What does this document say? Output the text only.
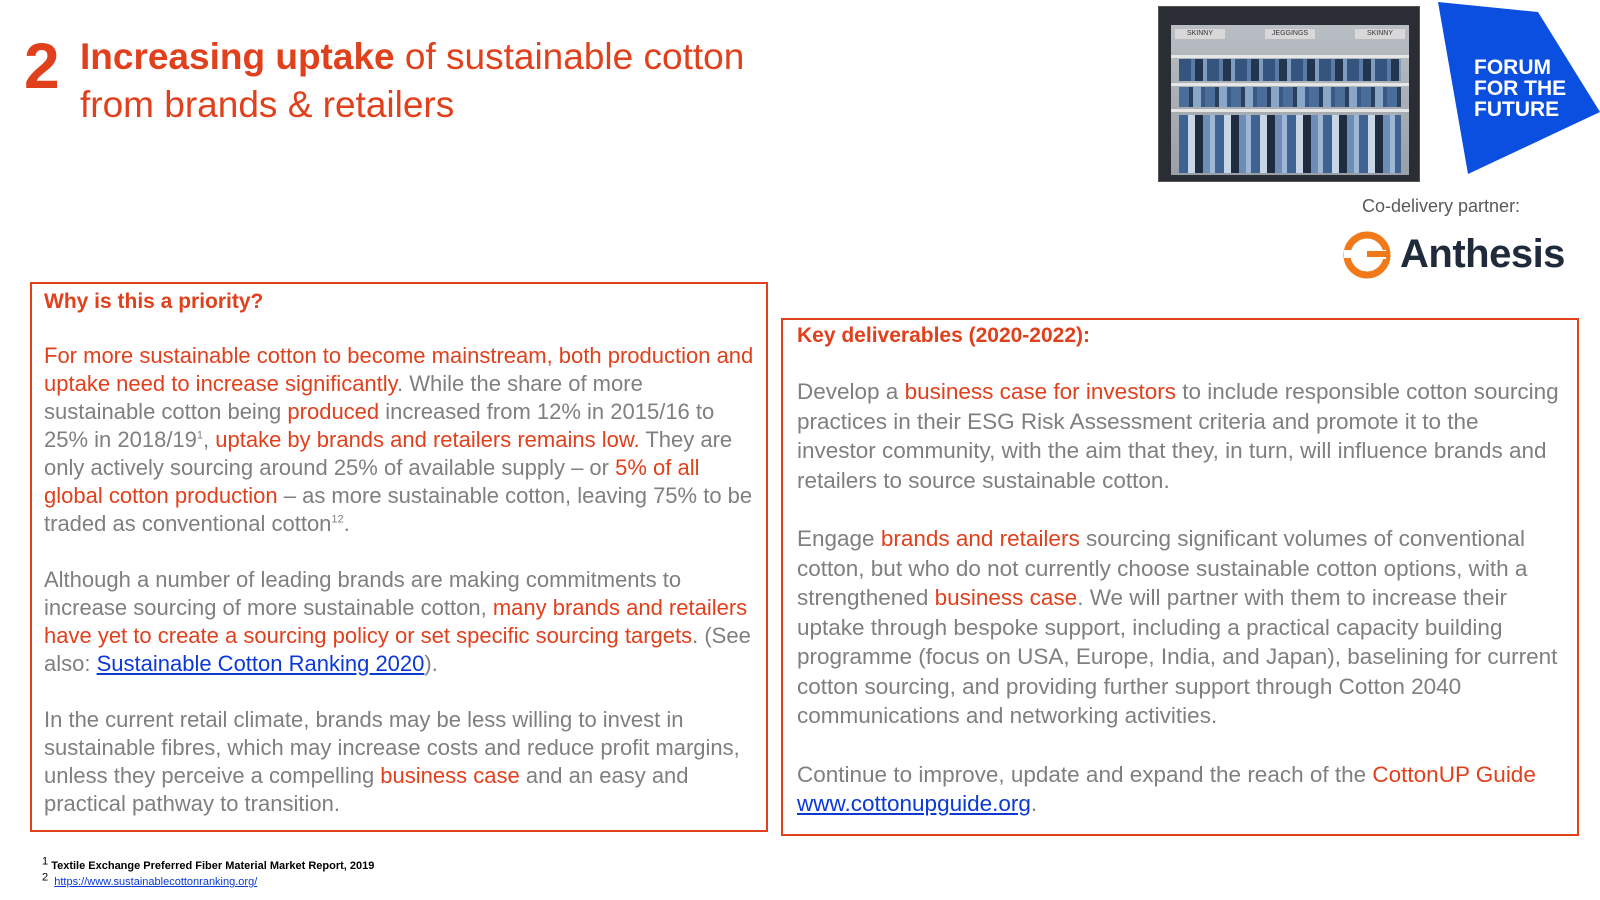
2 Increasing uptake of sustainable cotton
from brands & retailers
SKINNY	JEGGINGS	SKINNY
FORUM
FOR THE
FUTURE
Co-delivery partner:
Anthesis

Why is this a priority?

For more sustainable cotton to become mainstream, both production and uptake need to increase significantly. While the share of more sustainable cotton being produced increased from 12% in 2015/16 to 25% in $2018/19^1$, uptake by brands and retailers remains low. They are only actively sourcing around 25% of available supply – or 5% of all global cotton production – as more sustainable cotton, leaving 75% to be traded as conventional cotton$^{12}$.

Although a number of leading brands are making commitments to increase sourcing of more sustainable cotton, many brands and retailers have yet to create a sourcing policy or set specific sourcing targets. (See also: Sustainable Cotton Ranking 2020).

In the current retail climate, brands may be less willing to invest in sustainable fibres, which may increase costs and reduce profit margins, unless they perceive a compelling business case and an easy and practical pathway to transition.

Key deliverables (2020-2022):

Develop a business case for investors to include responsible cotton sourcing practices in their ESG Risk Assessment criteria and promote it to the investor community, with the aim that they, in turn, will influence brands and retailers to source sustainable cotton.

Engage brands and retailers sourcing significant volumes of conventional cotton, but who do not currently choose sustainable cotton options, with a strengthened business case. We will partner with them to increase their uptake through bespoke support, including a practical capacity building programme (focus on USA, Europe, India, and Japan), baselining for current cotton sourcing, and providing further support through Cotton 2040 communications and networking activities.

Continue to improve, update and expand the reach of the CottonUP Guide www.cottonupguide.org.

$^1$ Textile Exchange Preferred Fiber Material Market Report, 2019
$^2$ https://www.sustainablecottonranking.org/
